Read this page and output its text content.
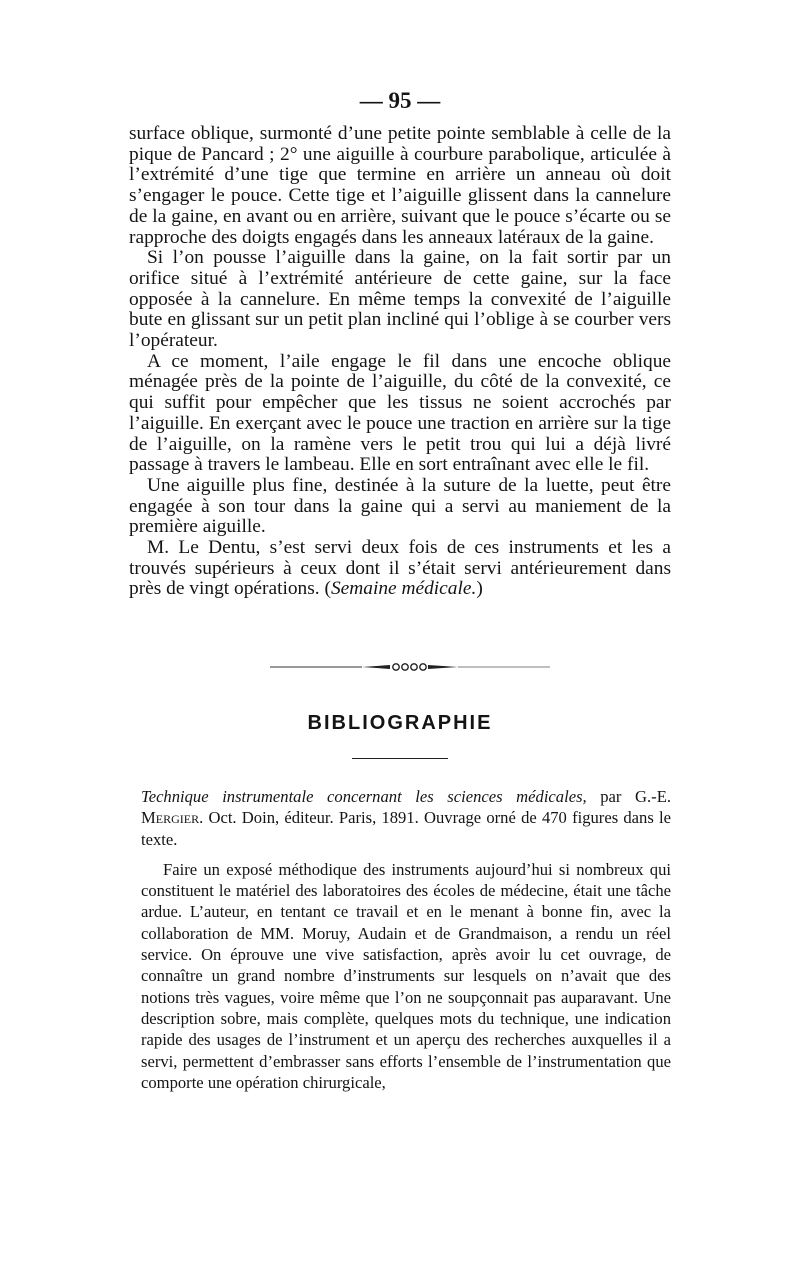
— 95 —

surface oblique, surmonté d’une petite pointe semblable à celle de la pique de Pancard ; 2° une aiguille à courbure parabolique, articulée à l’extrémité d’une tige que termine en arrière un anneau où doit s’engager le pouce. Cette tige et l’aiguille glissent dans la cannelure de la gaine, en avant ou en arrière, suivant que le pouce s’écarte ou se rapproche des doigts engagés dans les anneaux latéraux de la gaine.

Si l’on pousse l’aiguille dans la gaine, on la fait sortir par un orifice situé à l’extrémité antérieure de cette gaine, sur la face opposée à la cannelure. En même temps la convexité de l’aiguille bute en glissant sur un petit plan incliné qui l’oblige à se courber vers l’opérateur.

A ce moment, l’aile engage le fil dans une encoche oblique ménagée près de la pointe de l’aiguille, du côté de la convexité, ce qui suffit pour empêcher que les tissus ne soient accrochés par l’aiguille. En exerçant avec le pouce une traction en arrière sur la tige de l’aiguille, on la ramène vers le petit trou qui lui a déjà livré passage à travers le lambeau. Elle en sort entraînant avec elle le fil.

Une aiguille plus fine, destinée à la suture de la luette, peut être engagée à son tour dans la gaine qui a servi au maniement de la première aiguille.

M. Le Dentu, s’est servi deux fois de ces instruments et les a trouvés supérieurs à ceux dont il s’était servi antérieurement dans près de vingt opérations. (Semaine médicale.)

BIBLIOGRAPHIE

Technique instrumentale concernant les sciences médicales, par G.-E. Mergier. Oct. Doin, éditeur. Paris, 1891. Ouvrage orné de 470 figures dans le texte.

Faire un exposé méthodique des instruments aujourd’hui si nombreux qui constituent le matériel des laboratoires des écoles de médecine, était une tâche ardue. L’auteur, en tentant ce travail et en le menant à bonne fin, avec la collaboration de MM. Moruy, Audain et de Grandmaison, a rendu un réel service. On éprouve une vive satisfaction, après avoir lu cet ouvrage, de connaître un grand nombre d’instruments sur lesquels on n’avait que des notions très vagues, voire même que l’on ne soupçonnait pas auparavant. Une description sobre, mais complète, quelques mots du technique, une indication rapide des usages de l’instrument et un aperçu des recherches auxquelles il a servi, permettent d’embrasser sans efforts l’ensemble de l’instrumentation que comporte une opération chirurgicale,
